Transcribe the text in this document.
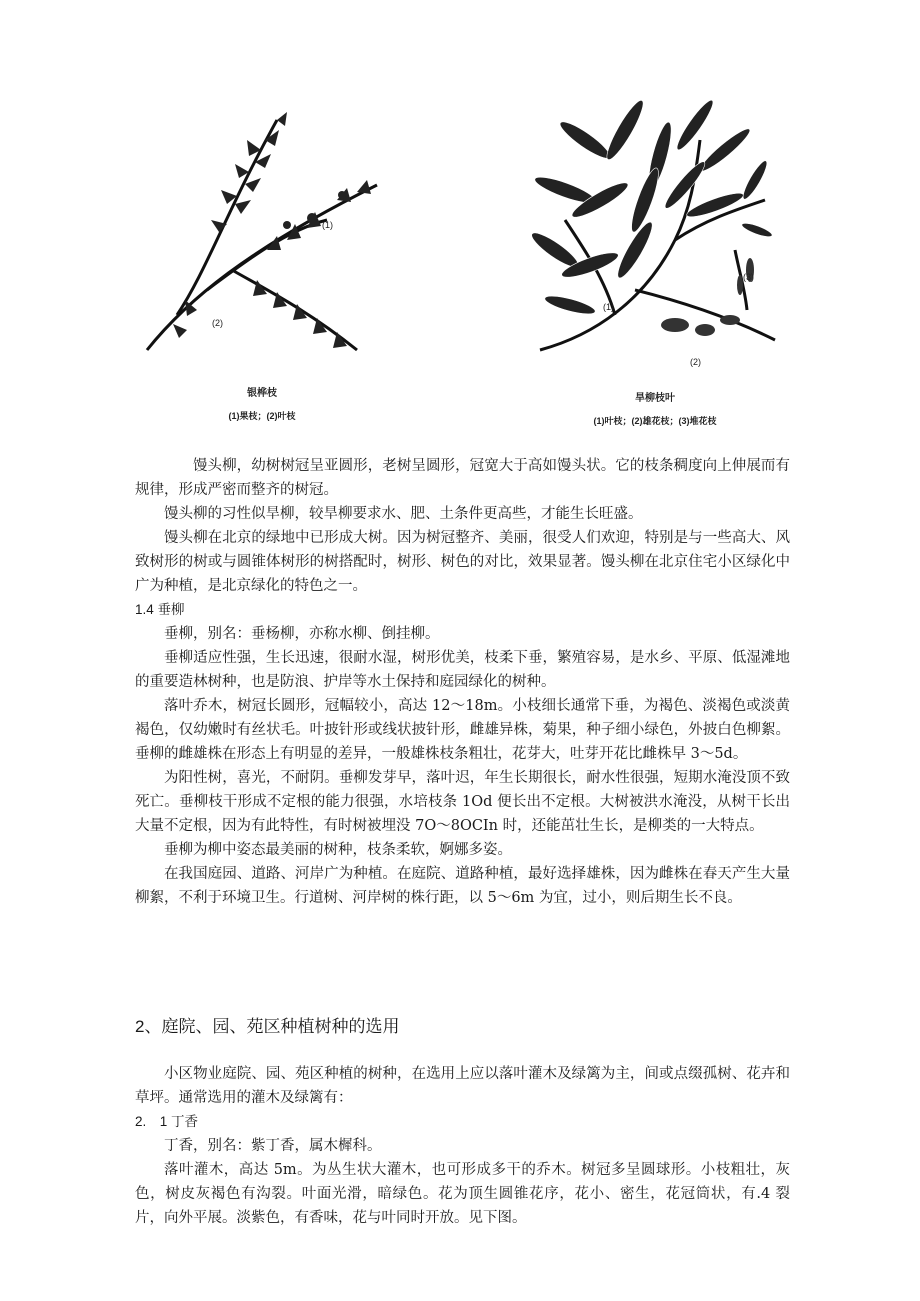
(1)
(2)
银桦枝
(1)果枝；(2)叶枝
(1)
(2)
(3)
旱柳枝叶
(1)叶枝；(2)雄花枝；(3)堆花枝

馒头柳，幼树树冠呈亚圆形，老树呈圆形，冠宽大于高如馒头状。它的枝条稠度向上伸展而有规律，形成严密而整齐的树冠。

馒头柳的习性似旱柳，较旱柳要求水、肥、土条件更高些，才能生长旺盛。

馒头柳在北京的绿地中已形成大树。因为树冠整齐、美丽，很受人们欢迎，特别是与一些高大、风致树形的树或与圆锥体树形的树搭配时，树形、树色的对比，效果显著。馒头柳在北京住宅小区绿化中广为种植，是北京绿化的特色之一。

1.4 垂柳

垂柳，别名：垂杨柳，亦称水柳、倒挂柳。

垂柳适应性强，生长迅速，很耐水湿，树形优美，枝柔下垂，繁殖容易，是水乡、平原、低湿滩地的重要造林树种，也是防浪、护岸等水土保持和庭园绿化的树种。

落叶乔木，树冠长圆形，冠幅较小，高达 12～18m。小枝细长通常下垂，为褐色、淡褐色或淡黄褐色，仅幼嫩时有丝状毛。叶披针形或线状披针形，雌雄异株，菊果，种子细小绿色，外披白色柳絮。垂柳的雌雄株在形态上有明显的差异，一般雄株枝条粗壮，花芽大，吐芽开花比雌株早 3～5d。

为阳性树，喜光，不耐阴。垂柳发芽早，落叶迟，年生长期很长，耐水性很强，短期水淹没顶不致死亡。垂柳枝干形成不定根的能力很强，水培枝条 1Od 便长出不定根。大树被洪水淹没，从树干长出大量不定根，因为有此特性，有时树被埋没 7O～8OCIn 时，还能茁壮生长，是柳类的一大特点。

垂柳为柳中姿态最美丽的树种，枝条柔软，婀娜多姿。

在我国庭园、道路、河岸广为种植。在庭院、道路种植，最好选择雄株，因为雌株在春天产生大量柳絮，不利于环境卫生。行道树、河岸树的株行距，以 5～6m 为宜，过小，则后期生长不良。

2、庭院、园、苑区种植树种的选用

小区物业庭院、园、苑区种植的树种，在选用上应以落叶灌木及绿篱为主，间或点缀孤树、花卉和草坪。通常选用的灌木及绿篱有：

2.　1 丁香

丁香，别名：紫丁香，属木樨科。

落叶灌木，高达 5m。为丛生状大灌木，也可形成多干的乔木。树冠多呈圆球形。小枝粗壮，灰色，树皮灰褐色有沟裂。叶面光滑，暗绿色。花为顶生圆锥花序，花小、密生，花冠筒状，有.4 裂片，向外平展。淡紫色，有香味，花与叶同时开放。见下图。
